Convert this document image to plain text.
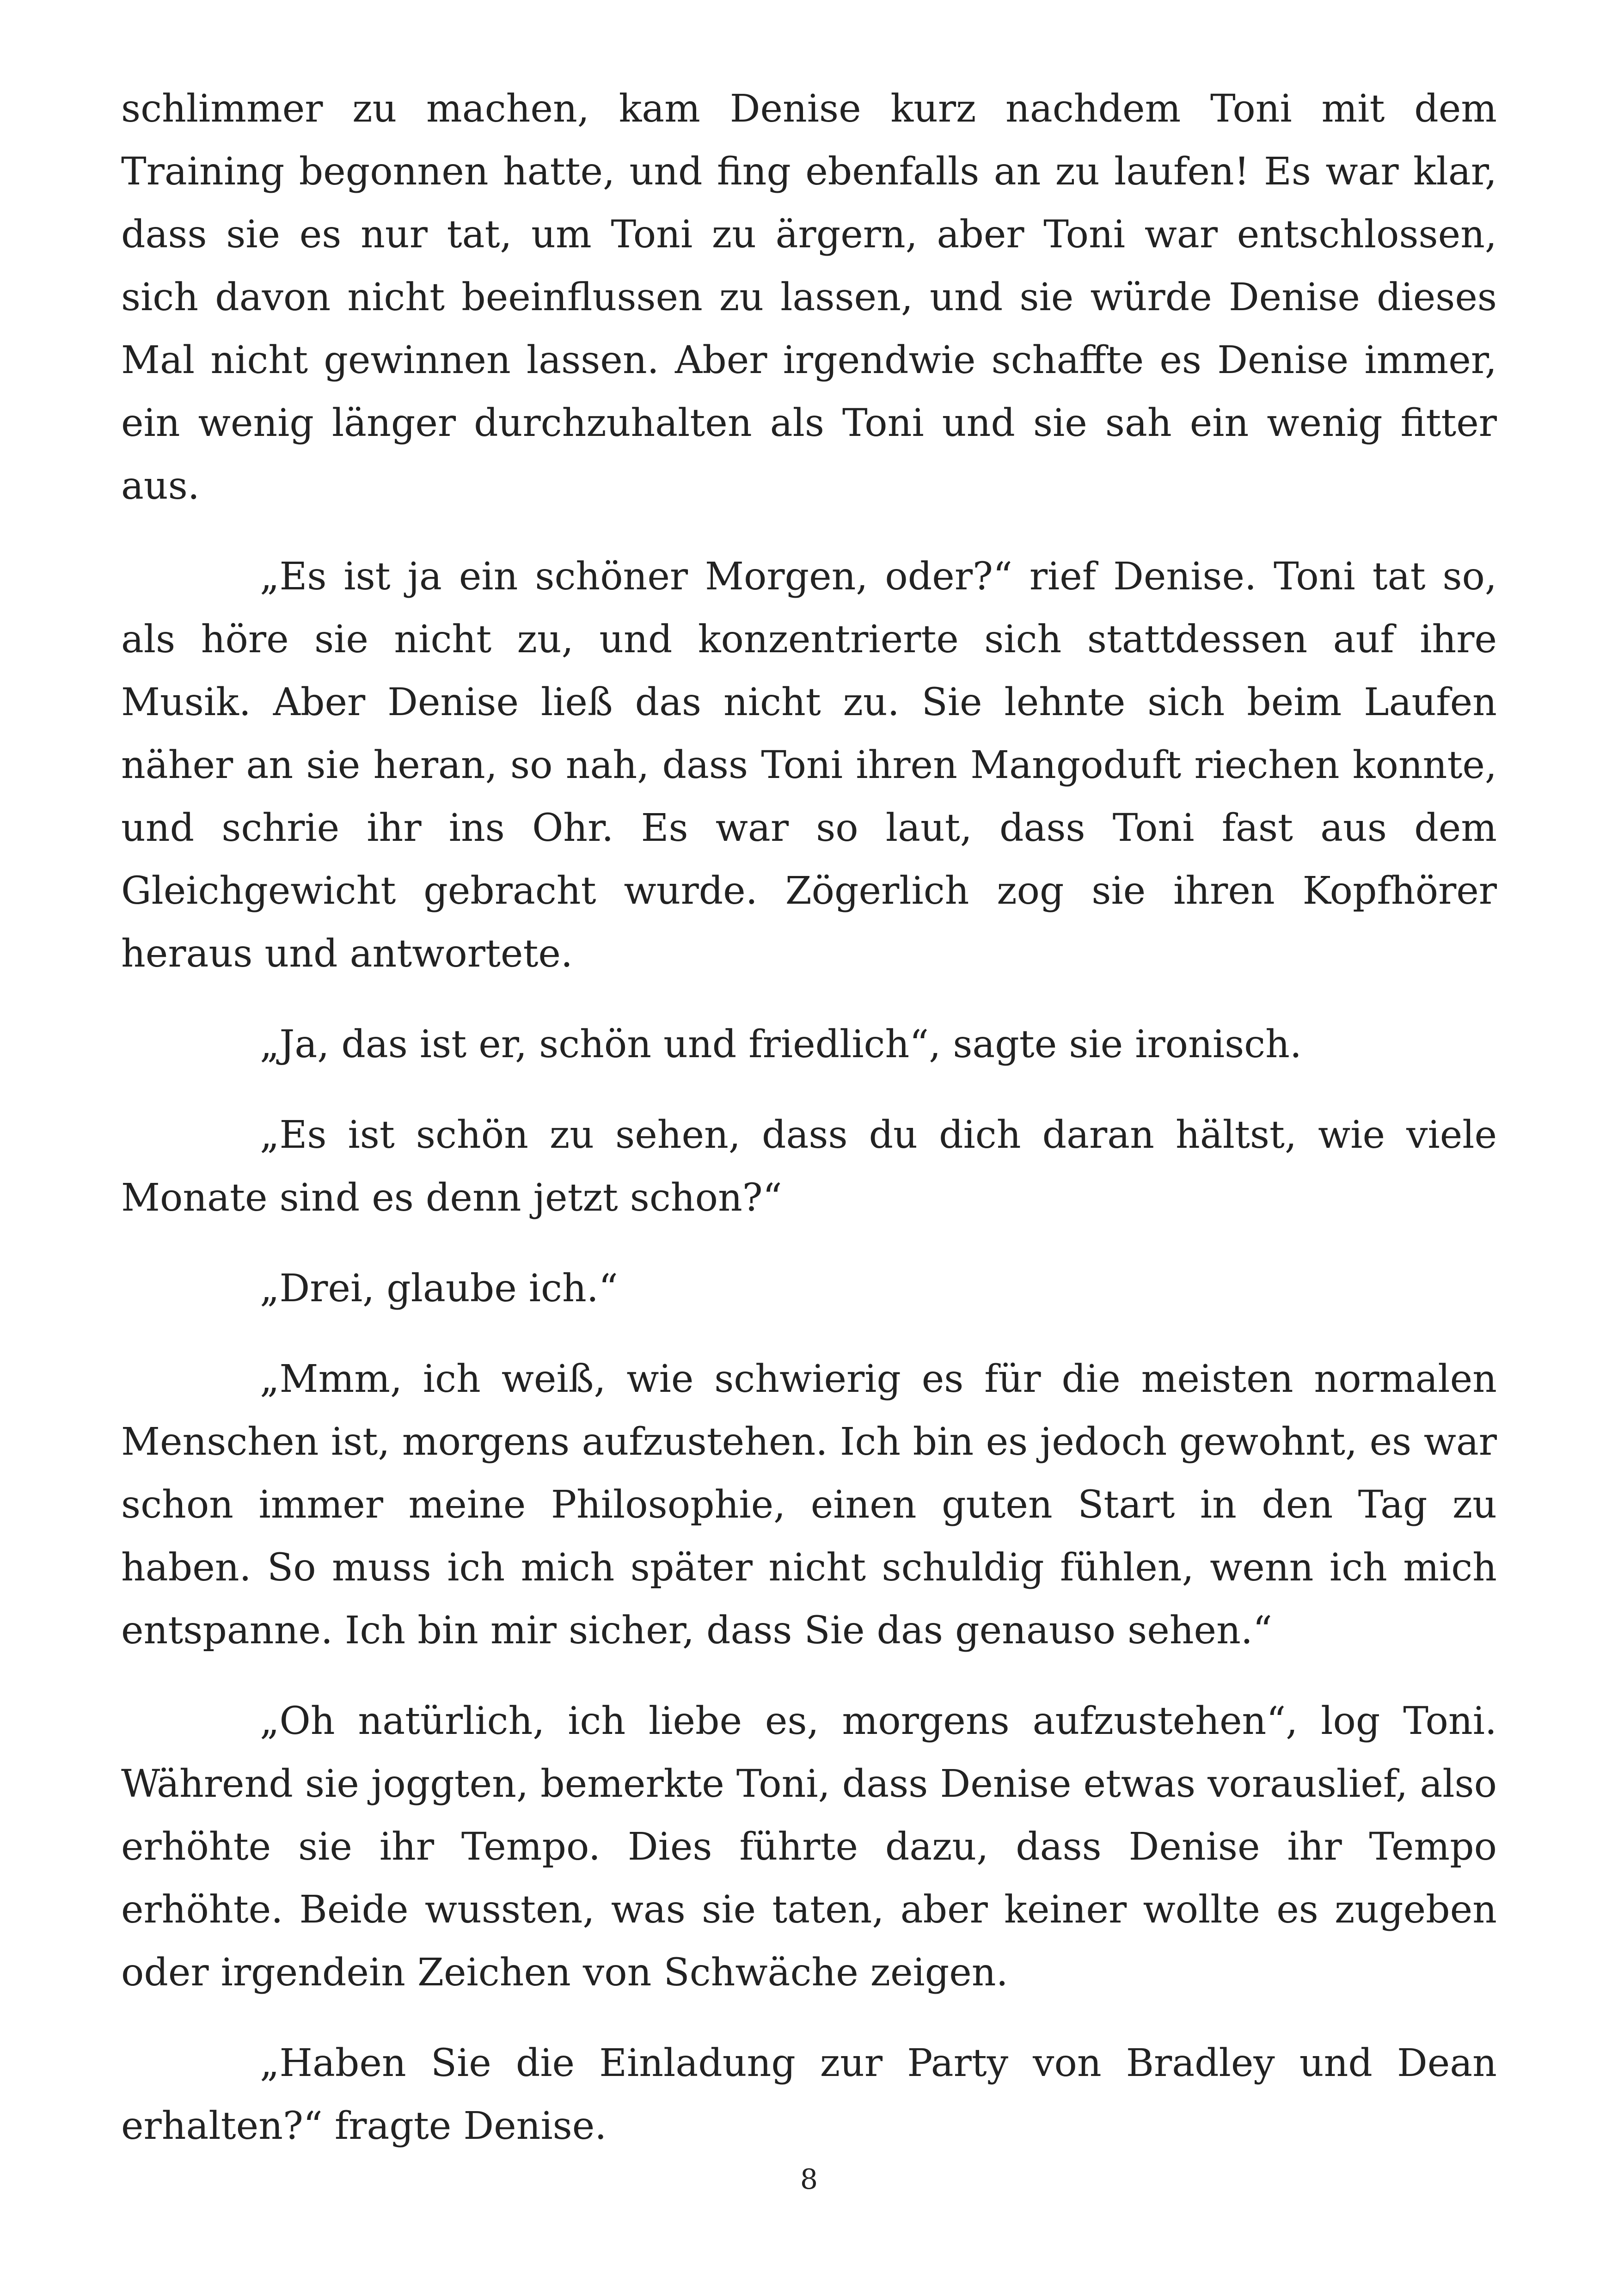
schlimmer zu machen, kam Denise kurz nachdem Toni mit dem Training begonnen hatte, und fing ebenfalls an zu laufen! Es war klar, dass sie es nur tat, um Toni zu ärgern, aber Toni war entschlossen, sich davon nicht beeinflussen zu lassen, und sie würde Denise dieses Mal nicht gewinnen lassen. Aber irgendwie schaffte es Denise immer, ein wenig länger durchzuhalten als Toni und sie sah ein wenig fitter aus.

„Es ist ja ein schöner Morgen, oder?“ rief Denise. Toni tat so, als höre sie nicht zu, und konzentrierte sich stattdessen auf ihre Musik. Aber Denise ließ das nicht zu. Sie lehnte sich beim Laufen näher an sie heran, so nah, dass Toni ihren Mangoduft riechen konnte, und schrie ihr ins Ohr. Es war so laut, dass Toni fast aus dem Gleichgewicht gebracht wurde. Zögerlich zog sie ihren Kopfhörer heraus und antwortete.

„Ja, das ist er, schön und friedlich“, sagte sie ironisch.

„Es ist schön zu sehen, dass du dich daran hältst, wie viele Monate sind es denn jetzt schon?“

„Drei, glaube ich.“

„Mmm, ich weiß, wie schwierig es für die meisten normalen Menschen ist, morgens aufzustehen. Ich bin es jedoch gewohnt, es war schon immer meine Philosophie, einen guten Start in den Tag zu haben. So muss ich mich später nicht schuldig fühlen, wenn ich mich entspanne. Ich bin mir sicher, dass Sie das genauso sehen.“

„Oh natürlich, ich liebe es, morgens aufzustehen“, log Toni. Während sie joggten, bemerkte Toni, dass Denise etwas vorauslief, also erhöhte sie ihr Tempo. Dies führte dazu, dass Denise ihr Tempo erhöhte. Beide wussten, was sie taten, aber keiner wollte es zugeben oder irgendein Zeichen von Schwäche zeigen.

„Haben Sie die Einladung zur Party von Bradley und Dean erhalten?“ fragte Denise.

8
